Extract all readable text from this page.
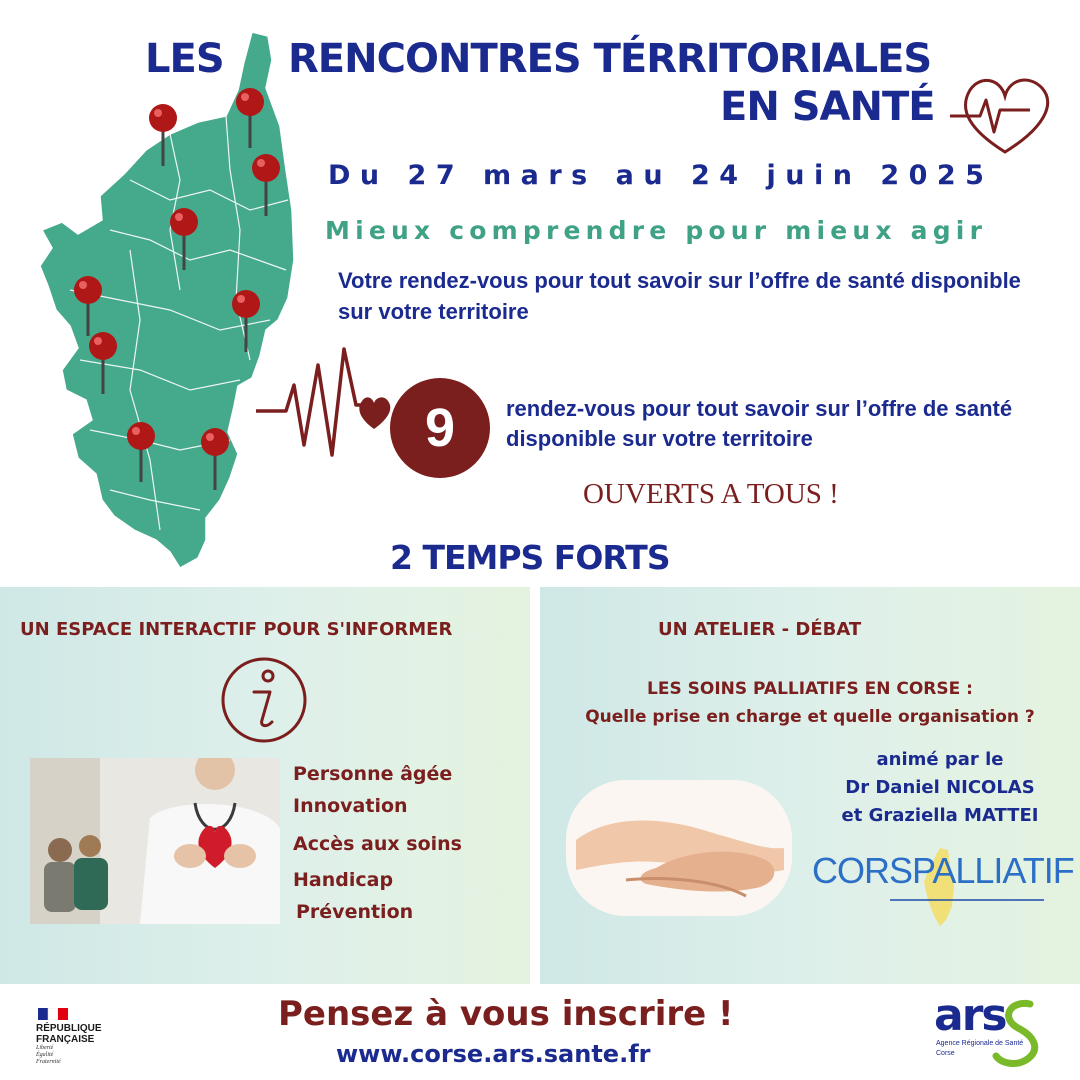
LES RENCONTRES TÉRRITORIALES
EN SANTÉ
Du 27 mars au 24 juin 2025
Mieux comprendre pour mieux agir
Votre rendez-vous pour tout savoir sur l’offre de santé disponible sur votre territoire
9	rendez-vous pour tout savoir sur l’offre de santé disponible sur votre territoire
OUVERTS A TOUS !
2 TEMPS FORTS
UN ESPACE INTERACTIF POUR S'INFORMER	UN ATELIER - DÉBAT
Personne âgée
Innovation
Accès aux soins
Handicap
Prévention
LES SOINS PALLIATIFS EN CORSE :
Quelle prise en charge et quelle organisation ?
animé par le
Dr Daniel NICOLAS
et Graziella MATTEI
CORSPALLIATIF
Pensez à vous inscrire !
www.corse.ars.sante.fr
RÉPUBLIQUE
FRANÇAISE
Liberté
Égalité
Fraternité
ars
Agence Régionale de Santé
Corse
